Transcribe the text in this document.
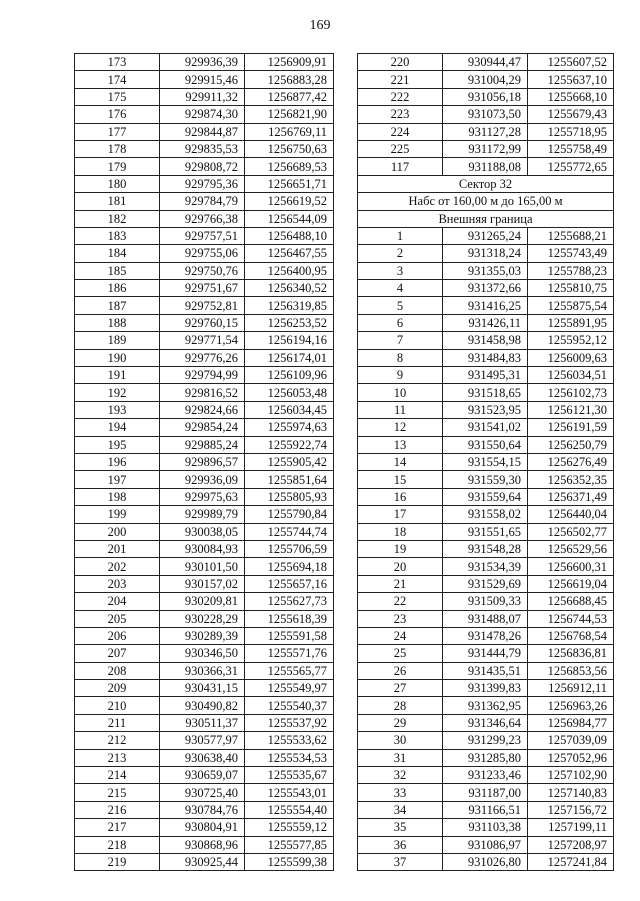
169
173	929936,39	1256909,91
174	929915,46	1256883,28
175	929911,32	1256877,42
176	929874,30	1256821,90
177	929844,87	1256769,11
178	929835,53	1256750,63
179	929808,72	1256689,53
180	929795,36	1256651,71
181	929784,79	1256619,52
182	929766,38	1256544,09
183	929757,51	1256488,10
184	929755,06	1256467,55
185	929750,76	1256400,95
186	929751,67	1256340,52
187	929752,81	1256319,85
188	929760,15	1256253,52
189	929771,54	1256194,16
190	929776,26	1256174,01
191	929794,99	1256109,96
192	929816,52	1256053,48
193	929824,66	1256034,45
194	929854,24	1255974,63
195	929885,24	1255922,74
196	929896,57	1255905,42
197	929936,09	1255851,64
198	929975,63	1255805,93
199	929989,79	1255790,84
200	930038,05	1255744,74
201	930084,93	1255706,59
202	930101,50	1255694,18
203	930157,02	1255657,16
204	930209,81	1255627,73
205	930228,29	1255618,39
206	930289,39	1255591,58
207	930346,50	1255571,76
208	930366,31	1255565,77
209	930431,15	1255549,97
210	930490,82	1255540,37
211	930511,37	1255537,92
212	930577,97	1255533,62
213	930638,40	1255534,53
214	930659,07	1255535,67
215	930725,40	1255543,01
216	930784,76	1255554,40
217	930804,91	1255559,12
218	930868,96	1255577,85
219	930925,44	1255599,38
220	930944,47	1255607,52
221	931004,29	1255637,10
222	931056,18	1255668,10
223	931073,50	1255679,43
224	931127,28	1255718,95
225	931172,99	1255758,49
117	931188,08	1255772,65
Сектор 32		
Набс от 160,00 м до 165,00 м		
Внешняя граница		
1	931265,24	1255688,21
2	931318,24	1255743,49
3	931355,03	1255788,23
4	931372,66	1255810,75
5	931416,25	1255875,54
6	931426,11	1255891,95
7	931458,98	1255952,12
8	931484,83	1256009,63
9	931495,31	1256034,51
10	931518,65	1256102,73
11	931523,95	1256121,30
12	931541,02	1256191,59
13	931550,64	1256250,79
14	931554,15	1256276,49
15	931559,30	1256352,35
16	931559,64	1256371,49
17	931558,02	1256440,04
18	931551,65	1256502,77
19	931548,28	1256529,56
20	931534,39	1256600,31
21	931529,69	1256619,04
22	931509,33	1256688,45
23	931488,07	1256744,53
24	931478,26	1256768,54
25	931444,79	1256836,81
26	931435,51	1256853,56
27	931399,83	1256912,11
28	931362,95	1256963,26
29	931346,64	1256984,77
30	931299,23	1257039,09
31	931285,80	1257052,96
32	931233,46	1257102,90
33	931187,00	1257140,83
34	931166,51	1257156,72
35	931103,38	1257199,11
36	931086,97	1257208,97
37	931026,80	1257241,84
